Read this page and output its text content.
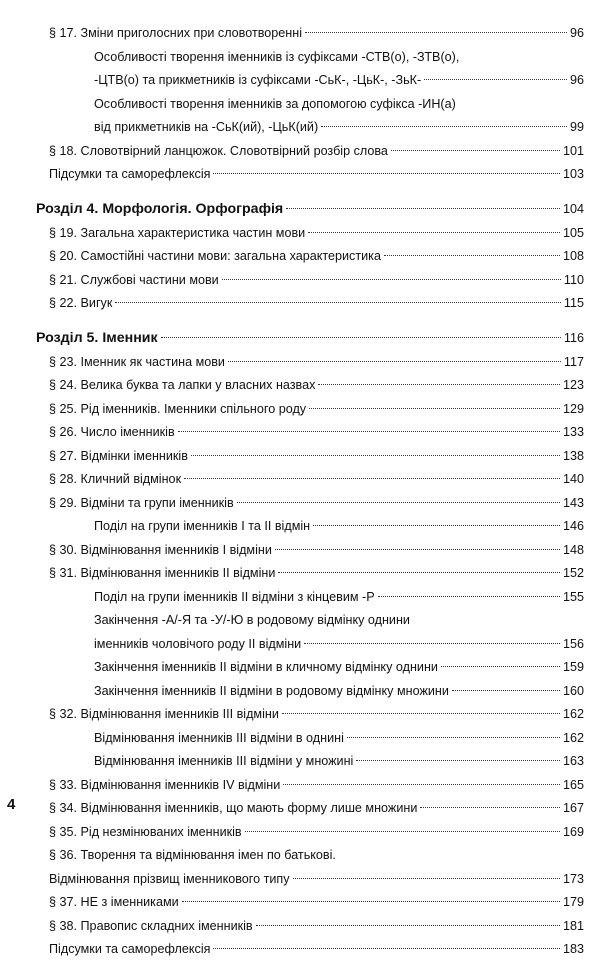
§ 17. Зміни приголосних при словотворенні	96
Особливості творення іменників із суфіксами -СТВ(о), -ЗТВ(о),
-ЦТВ(о) та прикметників із суфіксами -СьК-, -ЦьК-, -ЗьК-	96
Особливості творення іменників за допомогою суфікса -ИН(а)
від прикметників на -СьК(ий), -ЦьК(ий)	99
§ 18. Словотвірний ланцюжок. Словотвірний розбір слова	101
Підсумки та саморефлексія	103
Розділ 4. Морфологія. Орфографія	104
§ 19. Загальна характеристика частин мови	105
§ 20. Самостійні частини мови: загальна характеристика	108
§ 21. Службові частини мови	110
§ 22. Вигук	115
Розділ 5. Іменник	116
§ 23. Іменник як частина мови	117
§ 24. Велика буква та лапки у власних назвах	123
§ 25. Рід іменників. Іменники спільного роду	129
§ 26. Число іменників	133
§ 27. Відмінки іменників	138
§ 28. Кличний відмінок	140
§ 29. Відміни та групи іменників	143
Поділ на групи іменників І та ІІ відмін	146
§ 30. Відмінювання іменників І відміни	148
§ 31. Відмінювання іменників ІІ відміни	152
Поділ на групи іменників ІІ відміни з кінцевим -Р	155
Закінчення -А/-Я та -У/-Ю в родовому відмінку однини
іменників чоловічого роду ІІ відміни	156
Закінчення іменників ІІ відміни в кличному відмінку однини	159
Закінчення іменників ІІ відміни в родовому відмінку множини	160
§ 32. Відмінювання іменників ІІІ відміни	162
Відмінювання іменників ІІІ відміни в однині	162
Відмінювання іменників ІІІ відміни у множині	163
§ 33. Відмінювання іменників IV відміни	165
§ 34. Відмінювання іменників, що мають форму лише множини	167
§ 35. Рід незмінюваних іменників	169
§ 36. Творення та відмінювання імен по батькові.
Відмінювання прізвищ іменникового типу	173
§ 37. НЕ з іменниками	179
§ 38. Правопис складних іменників	181
Підсумки та саморефлексія	183
4
